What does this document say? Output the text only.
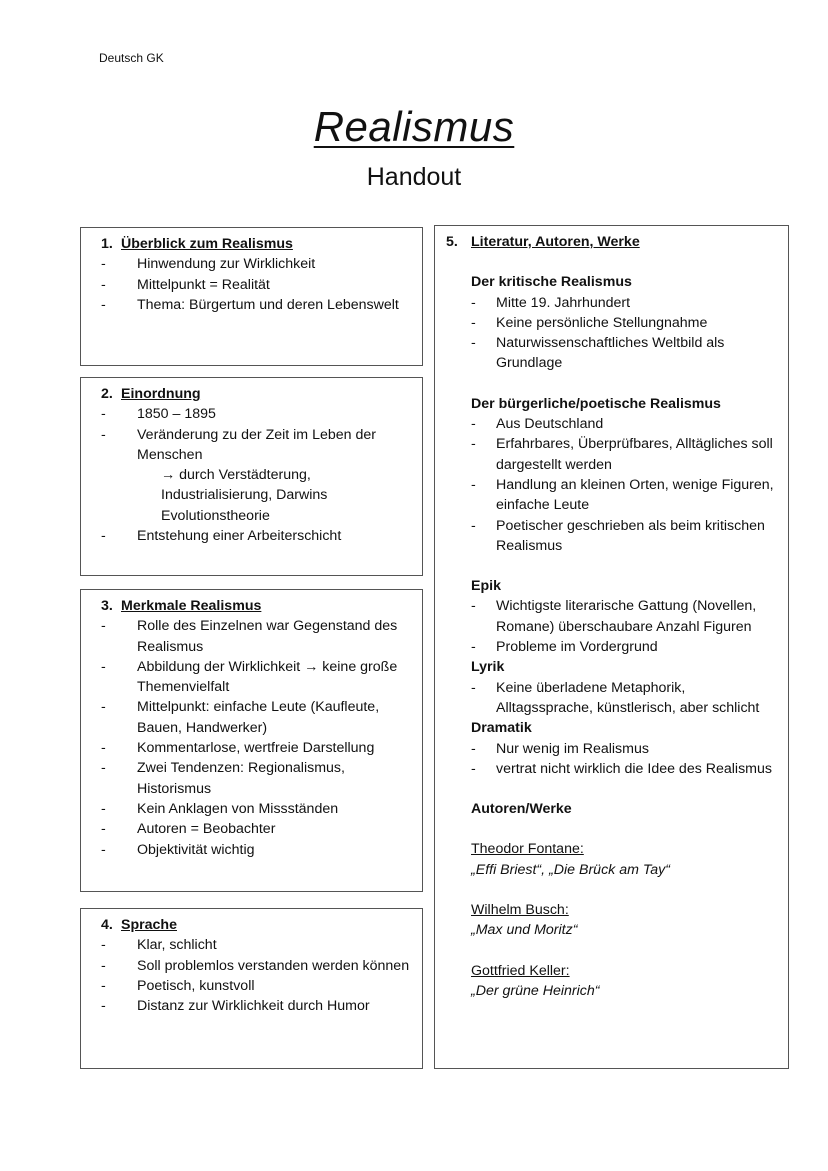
Deutsch GK
Realismus
Handout
1. Überblick zum Realismus
- Hinwendung zur Wirklichkeit
- Mittelpunkt = Realität
- Thema: Bürgertum und deren Lebenswelt
2. Einordnung
- 1850 – 1895
- Veränderung zu der Zeit im Leben der Menschen
→ durch Verstädterung, Industrialisierung, Darwins Evolutionstheorie
- Entstehung einer Arbeiterschicht
3. Merkmale Realismus
- Rolle des Einzelnen war Gegenstand des Realismus
- Abbildung der Wirklichkeit → keine große Themenvielfalt
- Mittelpunkt: einfache Leute (Kaufleute, Bauen, Handwerker)
- Kommentarlose, wertfreie Darstellung
- Zwei Tendenzen: Regionalismus, Historismus
- Kein Anklagen von Missständen
- Autoren = Beobachter
- Objektivität wichtig
4. Sprache
- Klar, schlicht
- Soll problemlos verstanden werden können
- Poetisch, kunstvoll
- Distanz zur Wirklichkeit durch Humor
5. Literatur, Autoren, Werke
Der kritische Realismus
- Mitte 19. Jahrhundert
- Keine persönliche Stellungnahme
- Naturwissenschaftliches Weltbild als Grundlage
Der bürgerliche/poetische Realismus
- Aus Deutschland
- Erfahrbares, Überprüfbares, Alltägliches soll dargestellt werden
- Handlung an kleinen Orten, wenige Figuren, einfache Leute
- Poetischer geschrieben als beim kritischen Realismus
Epik
- Wichtigste literarische Gattung (Novellen, Romane) überschaubare Anzahl Figuren
- Probleme im Vordergrund
Lyrik
- Keine überladene Metaphorik, Alltagssprache, künstlerisch, aber schlicht
Dramatik
- Nur wenig im Realismus
- vertrat nicht wirklich die Idee des Realismus
Autoren/Werke
Theodor Fontane:
„Effi Briest“, „Die Brück am Tay“
Wilhelm Busch:
„Max und Moritz“
Gottfried Keller:
„Der grüne Heinrich“
